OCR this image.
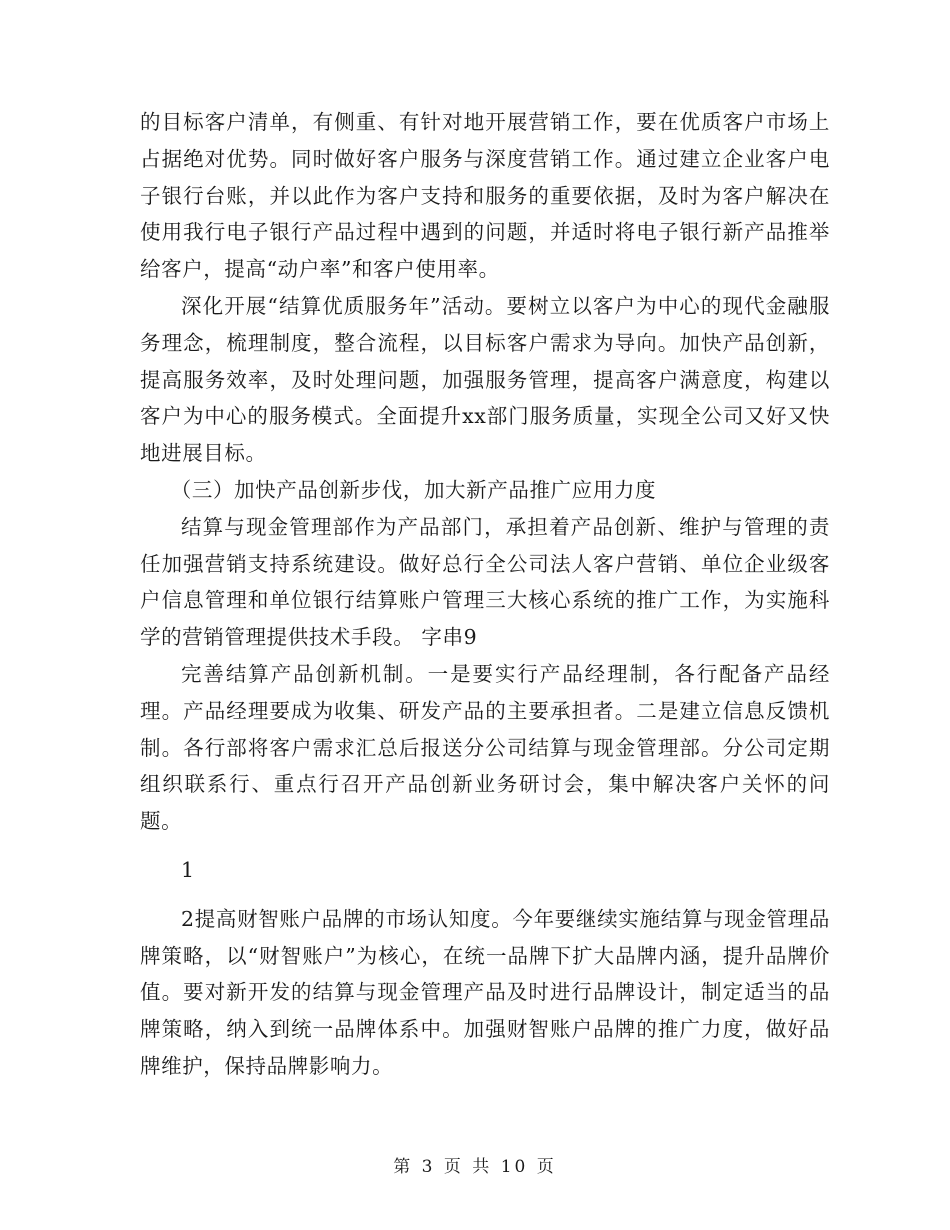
的目标客户清单，有侧重、有针对地开展营销工作，要在优质客户市场上占据绝对优势。同时做好客户服务与深度营销工作。通过建立企业客户电子银行台账，并以此作为客户支持和服务的重要依据，及时为客户解决在使用我行电子银行产品过程中遇到的问题，并适时将电子银行新产品推举给客户，提高“动户率”和客户使用率。

深化开展“结算优质服务年”活动。要树立以客户为中心的现代金融服务理念，梳理制度，整合流程，以目标客户需求为导向。加快产品创新，提高服务效率，及时处理问题，加强服务管理，提高客户满意度，构建以客户为中心的服务模式。全面提升xx部门服务质量，实现全公司又好又快地进展目标。

（三）加快产品创新步伐，加大新产品推广应用力度

结算与现金管理部作为产品部门，承担着产品创新、维护与管理的责任加强营销支持系统建设。做好总行全公司法人客户营销、单位企业级客户信息管理和单位银行结算账户管理三大核心系统的推广工作，为实施科学的营销管理提供技术手段。 字串9

完善结算产品创新机制。一是要实行产品经理制，各行配备产品经理。产品经理要成为收集、研发产品的主要承担者。二是建立信息反馈机制。各行部将客户需求汇总后报送分公司结算与现金管理部。分公司定期组织联系行、重点行召开产品创新业务研讨会，集中解决客户关怀的问题。

1

2提高财智账户品牌的市场认知度。今年要继续实施结算与现金管理品牌策略，以“财智账户”为核心，在统一品牌下扩大品牌内涵，提升品牌价值。要对新开发的结算与现金管理产品及时进行品牌设计，制定适当的品牌策略，纳入到统一品牌体系中。加强财智账户品牌的推广力度，做好品牌维护，保持品牌影响力。

第 3 页 共 10 页
